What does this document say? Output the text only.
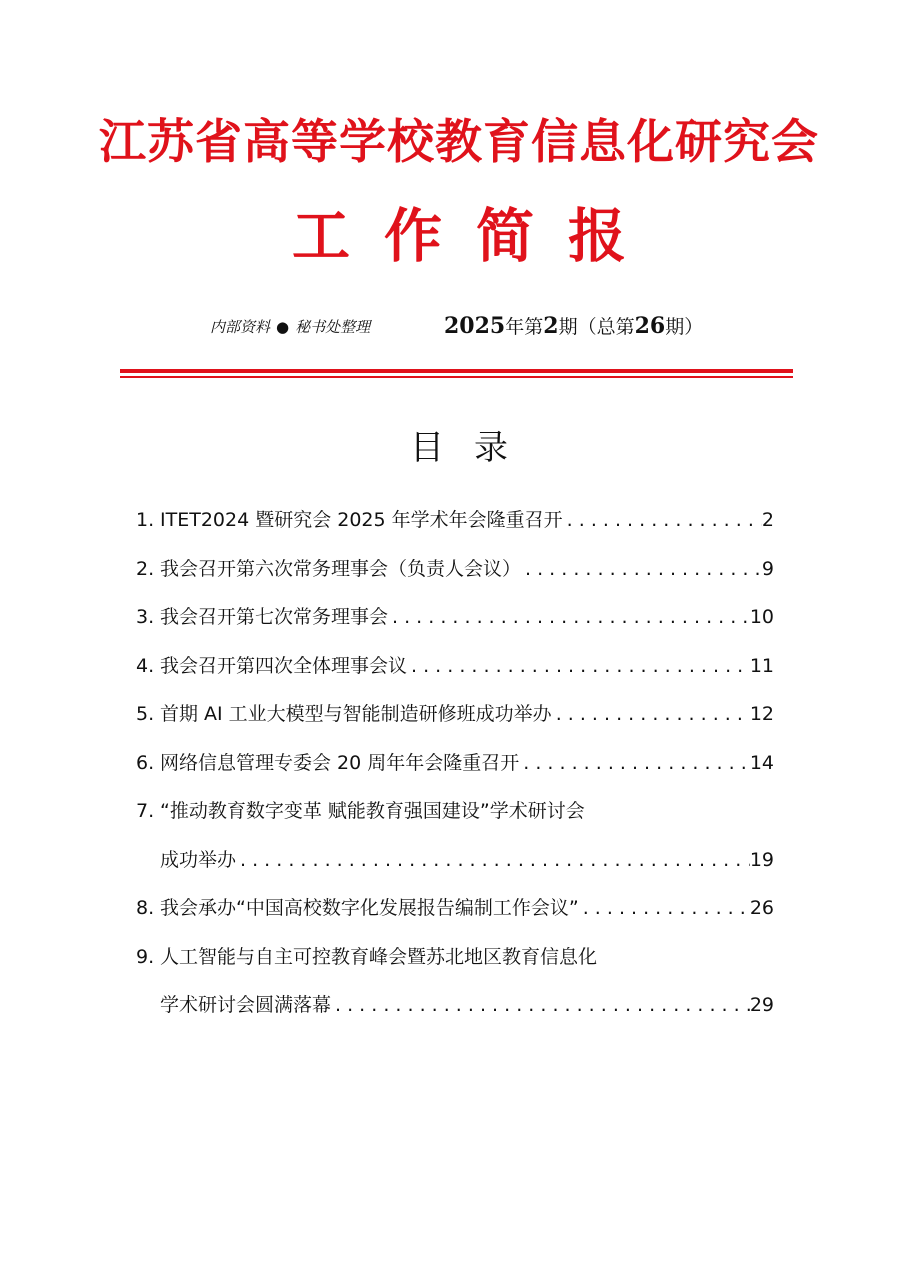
江苏省高等学校教育信息化研究会
工作简报
内部资料 ● 秘书处整理	2025年第2期（总第26期）
目录
1. ITET2024 暨研究会 2025 年学术年会隆重召开 . . .	2
2. 我会召开第六次常务理事会（负责人会议） . . .	9
3. 我会召开第七次常务理事会 . . .	10
4. 我会召开第四次全体理事会议 . . .	11
5. 首期 AI 工业大模型与智能制造研修班成功举办 . . .	12
6. 网络信息管理专委会 20 周年年会隆重召开 . . .	14
7. “推动教育数字变革 赋能教育强国建设”学术研讨会
成功举办 . . .	19
8. 我会承办“中国高校数字化发展报告编制工作会议” . . .	26
9. 人工智能与自主可控教育峰会暨苏北地区教育信息化
学术研讨会圆满落幕 . . .	29
